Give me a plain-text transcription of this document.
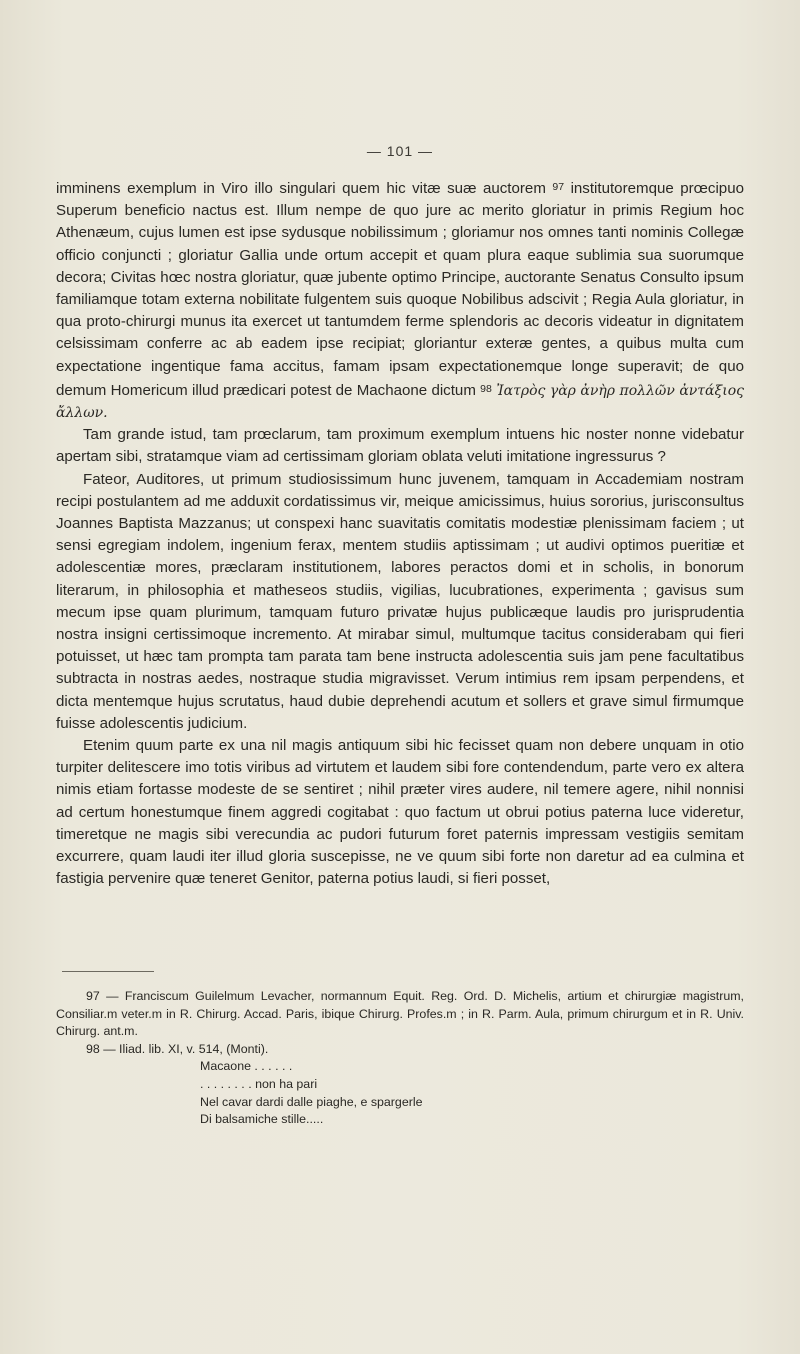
— 101 —

imminens exemplum in Viro illo singulari quem hic vitæ suæ auctorem $^{97}$ institutoremque prœcipuo Superum beneficio nactus est. Illum nempe de quo jure ac merito gloriatur in primis Regium hoc Athenæum, cujus lumen est ipse sydusque nobilissimum ; gloriamur nos omnes tanti nominis Collegæ officio conjuncti ; gloriatur Gallia unde ortum accepit et quam plura eaque sublimia sua suorumque decora; Civitas hœc nostra gloriatur, quæ jubente optimo Principe, auctorante Senatus Consulto ipsum familiamque totam externa nobilitate fulgentem suis quoque Nobilibus adscivit ; Regia Aula gloriatur, in qua proto-chirurgi munus ita exercet ut tantumdem ferme splendoris ac decoris videatur in dignitatem celsissimam conferre ac ab eadem ipse recipiat; gloriantur exteræ gentes, a quibus multa cum expectatione ingentique fama accitus, famam ipsam expectationemque longe superavit; de quo demum Homericum illud prædicari potest de Machaone dictum $^{98}$ Ἰατρὸς γὰρ ἀνὴρ πολλῶν ἀντάξιος ἄλλων.

Tam grande istud, tam prœclarum, tam proximum exemplum intuens hic noster nonne videbatur apertam sibi, stratamque viam ad certissimam gloriam oblata veluti imitatione ingressurus ?

Fateor, Auditores, ut primum studiosissimum hunc juvenem, tamquam in Accademiam nostram recipi postulantem ad me adduxit cordatissimus vir, meique amicissimus, huius sororius, jurisconsultus Joannes Baptista Mazzanus; ut conspexi hanc suavitatis comitatis modestiæ plenissimam faciem ; ut sensi egregiam indolem, ingenium ferax, mentem studiis aptissimam ; ut audivi optimos pueritiæ et adolescentiæ mores, præclaram institutionem, labores peractos domi et in scholis, in bonorum literarum, in philosophia et matheseos studiis, vigilias, lucubrationes, experimenta ; gavisus sum mecum ipse quam plurimum, tamquam futuro privatæ hujus publicæque laudis pro jurisprudentia nostra insigni certissimoque incremento. At mirabar simul, multumque tacitus considerabam qui fieri potuisset, ut hæc tam prompta tam parata tam bene instructa adolescentia suis jam pene facultatibus subtracta in nostras aedes, nostraque studia migravisset. Verum intimius rem ipsam perpendens, et dicta mentemque hujus scrutatus, haud dubie deprehendi acutum et sollers et grave simul firmumque fuisse adolescentis judicium.

Etenim quum parte ex una nil magis antiquum sibi hic fecisset quam non debere unquam in otio turpiter delitescere imo totis viribus ad virtutem et laudem sibi fore contendendum, parte vero ex altera nimis etiam fortasse modeste de se sentiret ; nihil præter vires audere, nil temere agere, nihil nonnisi ad certum honestumque finem aggredi cogitabat : quo factum ut obrui potius paterna luce videretur, timeretque ne magis sibi verecundia ac pudori futurum foret paternis impressam vestigiis semitam excurrere, quam laudi iter illud gloria suscepisse, ne ve quum sibi forte non daretur ad ea culmina et fastigia pervenire quæ teneret Genitor, paterna potius laudi, si fieri posset,

97 — Franciscum Guilelmum Levacher, normannum Equit. Reg. Ord. D. Michelis, artium et chirurgiæ magistrum, Consiliar.m veter.m in R. Chirurg. Accad. Paris, ibique Chirurg. Profes.m ; in R. Parm. Aula, primum chirurgum et in R. Univ. Chirurg. ant.m.

98 — Iliad. lib. XI, v. 514, (Monti).

Macaone . . . . . .
. . . . . . . . non ha pari
Nel cavar dardi dalle piaghe, e spargerle
Di balsamiche stille.....
